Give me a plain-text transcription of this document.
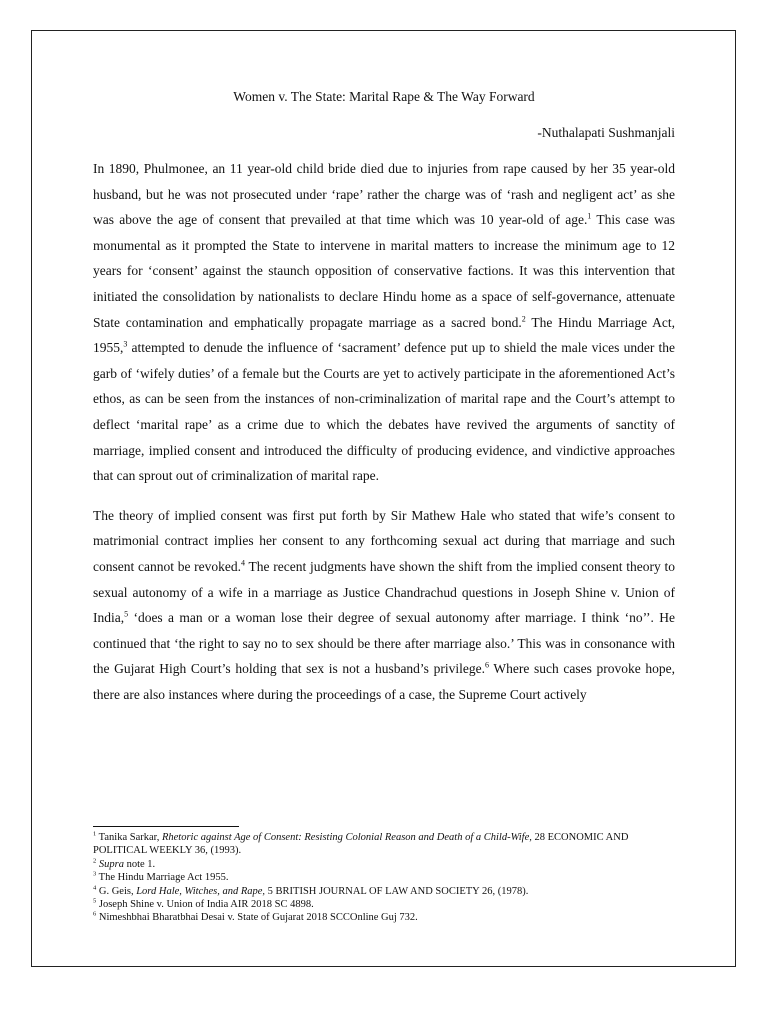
Women v. The State: Marital Rape & The Way Forward

-Nuthalapati Sushmanjali

In 1890, Phulmonee, an 11 year-old child bride died due to injuries from rape caused by her 35 year-old husband, but he was not prosecuted under ‘rape’ rather the charge was of ‘rash and negligent act’ as she was above the age of consent that prevailed at that time which was 10 year-old of age.$^1$ This case was monumental as it prompted the State to intervene in marital matters to increase the minimum age to 12 years for ‘consent’ against the staunch opposition of conservative factions. It was this intervention that initiated the consolidation by nationalists to declare Hindu home as a space of self-governance, attenuate State contamination and emphatically propagate marriage as a sacred bond.$^2$ The Hindu Marriage Act, 1955,$^3$ attempted to denude the influence of ‘sacrament’ defence put up to shield the male vices under the garb of ‘wifely duties’ of a female but the Courts are yet to actively participate in the aforementioned Act’s ethos, as can be seen from the instances of non-criminalization of marital rape and the Court’s attempt to deflect ‘marital rape’ as a crime due to which the debates have revived the arguments of sanctity of marriage, implied consent and introduced the difficulty of producing evidence, and vindictive approaches that can sprout out of criminalization of marital rape.

The theory of implied consent was first put forth by Sir Mathew Hale who stated that wife’s consent to matrimonial contract implies her consent to any forthcoming sexual act during that marriage and such consent cannot be revoked.$^4$ The recent judgments have shown the shift from the implied consent theory to sexual autonomy of a wife in a marriage as Justice Chandrachud questions in Joseph Shine v. Union of India,$^5$ ‘does a man or a woman lose their degree of sexual autonomy after marriage. I think ‘no’’. He continued that ‘the right to say no to sex should be there after marriage also.’ This was in consonance with the Gujarat High Court’s holding that sex is not a husband’s privilege.$^6$ Where such cases provoke hope, there are also instances where during the proceedings of a case, the Supreme Court actively

$^1$ Tanika Sarkar, Rhetoric against Age of Consent: Resisting Colonial Reason and Death of a Child-Wife, 28 ECONOMIC AND POLITICAL WEEKLY 36, (1993).

$^2$ Supra note 1.

$^3$ The Hindu Marriage Act 1955.

$^4$ G. Geis, Lord Hale, Witches, and Rape, 5 BRITISH JOURNAL OF LAW AND SOCIETY 26, (1978).

$^5$ Joseph Shine v. Union of India AIR 2018 SC 4898.

$^6$ Nimeshbhai Bharatbhai Desai v. State of Gujarat 2018 SCCOnline Guj 732.
